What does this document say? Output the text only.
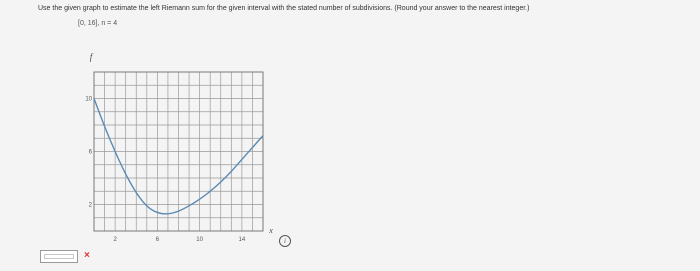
Use the given graph to estimate the left Riemann sum for the given interval with the stated number of subdivisions. (Round your answer to the nearest integer.)
[0, 16], n = 4
2	6	10	14
2
6
10
f
x
×
i
